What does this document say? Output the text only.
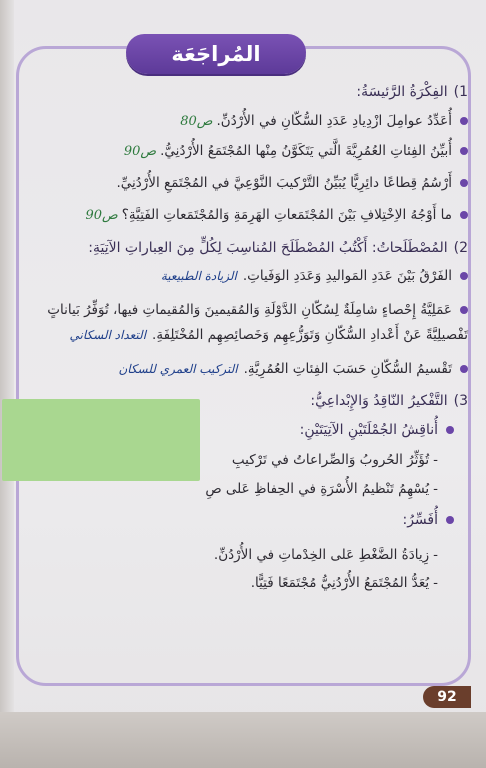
المُراجَعَة
1)الفِكْرَةُ الرَّئيسَةُ:
أُعَدِّدُ عوامِلَ ازْدِيادِ عَدَدِ السُّكّانِ في الأُرْدُنِّ.ص80
أُبيِّنُ الفِئاتِ العُمُرِيَّةَ الَّتي يَتَكَوَّنُ مِنْها المُجْتَمَعُ الأُرْدُنِيُّ.ص90
أَرْسُمُ قِطاعًا دائِرِيًّا يُبَيِّنُ التَّرْكيبَ النَّوْعِيَّ في المُجْتَمَعِ الأُرْدُنِيِّ.
ما أَوْجُهُ الاِخْتِلافِ بَيْنَ المُجْتَمَعاتِ الهَرِمَةِ وَالمُجْتَمَعاتِ الفَتِيَّةِ؟ص90
2)المُصْطَلَحاتُ: أَكْتُبُ المُصْطَلَحَ المُناسِبَ لِكُلٍّ مِنَ العِباراتِ الآتِيَةِ:
الفَرْقُ بَيْنَ عَدَدِ المَواليدِ وَعَدَدِ الوَفَياتِ.الزيادة الطبيعية
عَمَلِيَّةُ إِحْصاءٍ شامِلَةٌ لِسُكّانِ الدَّوْلَةِ وَالمُقيمينَ وَالمُقيماتِ فيها، تُوَفِّرُ بَياناتٍ
تَفْصيلِيَّةً عَنْ أَعْدادِ السُّكّانِ وَتَوَزُّعِهِم وَخَصائِصِهِم المُخْتَلِفَةِ.التعداد السكاني
تَقْسيمُ السُّكّانِ حَسَبَ الفِئاتِ العُمُرِيَّةِ.التركيب العمري للسكان
3)التَّفْكيرُ النّاقِدُ وَالإِبْداعِيُّ:
أُناقِشُ الجُمْلَتَيْنِ الآتِيَتَيْنِ:
-تُؤَثِّرُ الحُروبُ وَالصِّراعاتُ في تَرْكيبِ
-يُسْهِمُ تَنْظيمُ الأُسْرَةِ في الحِفاظِ عَلى صِ
أُفَسِّرُ:
-زِيادَةُ الضَّغْطِ عَلى الخِدْماتِ في الأُرْدُنِّ.
-يُعَدُّ المُجْتَمَعُ الأُرْدُنِيُّ مُجْتَمَعًا فَتِيًّا.
92
